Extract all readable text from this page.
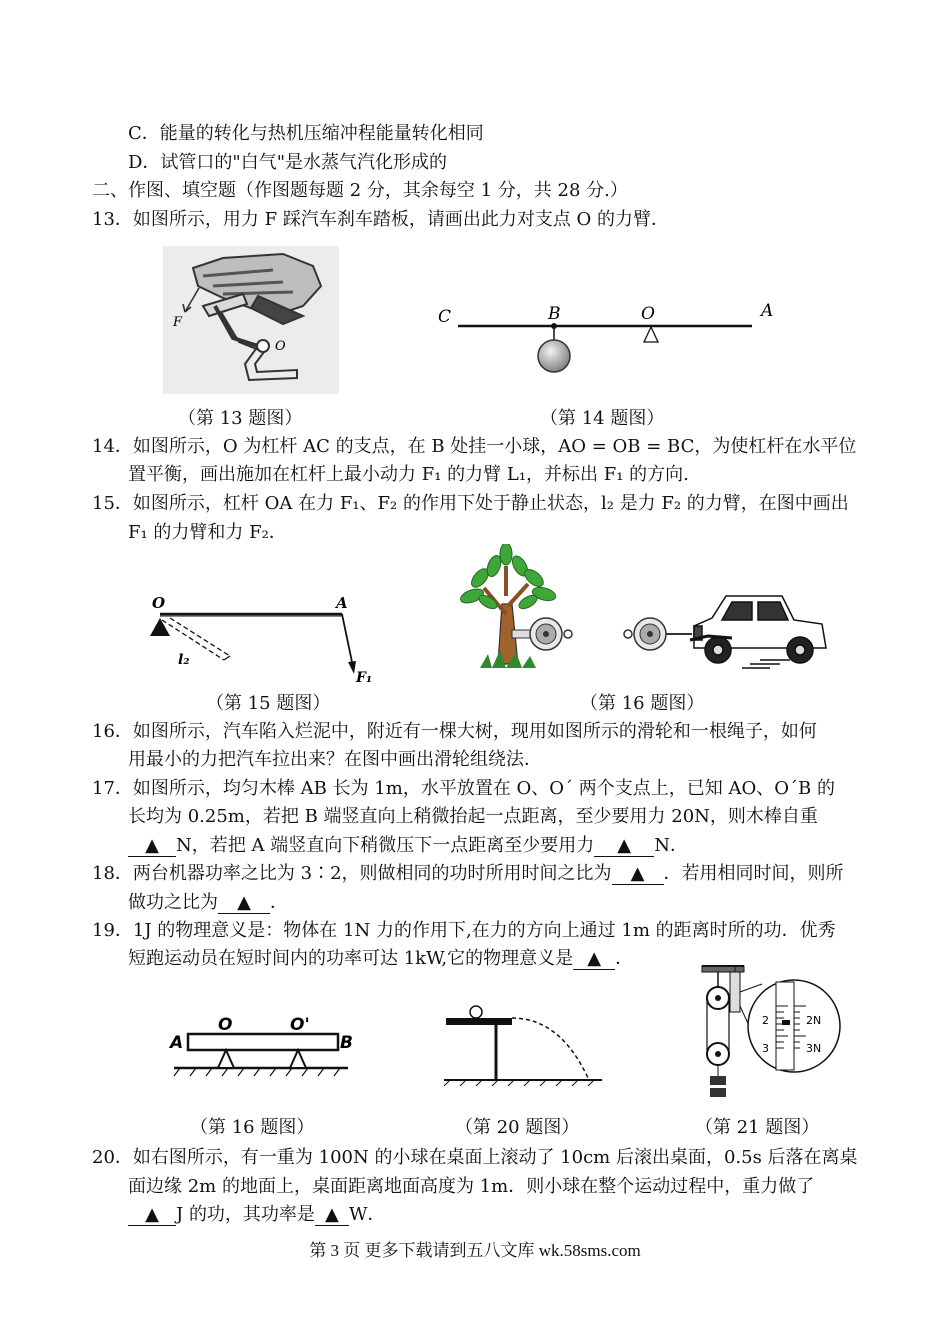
C．能量的转化与热机压缩冲程能量转化相同
D．试管口的"白气"是水蒸气汽化形成的
二、作图、填空题（作图题每题 2 分，其余每空 1 分，共 28 分.）
13．如图所示，用力 F 踩汽车刹车踏板，请画出此力对支点 O 的力臂．
F
O
C	B	O	A
（第 13 题图）	（第 14 题图）
14．如图所示，O 为杠杆 AC 的支点，在 B 处挂一小球，AO = OB = BC，为使杠杆在水平位
置平衡，画出施加在杠杆上最小动力 F₁ 的力臂 L₁，并标出 F₁ 的方向.
15．如图所示，杠杆 OA 在力 F₁、F₂ 的作用下处于静止状态，l₂ 是力 F₂ 的力臂，在图中画出
F₁ 的力臂和力 F₂．
O	A
l₂
F₁
（第 15 题图）	（第 16 题图）
16．如图所示，汽车陷入烂泥中，附近有一棵大树，现用如图所示的滑轮和一根绳子，如何
用最小的力把汽车拉出来？在图中画出滑轮组绕法．
17．如图所示，均匀木棒 AB 长为 1m，水平放置在 O、O´ 两个支点上，已知 AO、O´B 的
长均为 0.25m，若把 B 端竖直向上稍微抬起一点距离，至少要用力 20N，则木棒自重
▲ N，若把 A 端竖直向下稍微压下一点距离至少要用力 ▲ N．
18．两台机器功率之比为 3∶2，则做相同的功时所用时间之比为 ▲ ．若用相同时间，则所
做功之比为 ▲ ．
19．1J 的物理意义是：物体在 1N 力的作用下,在力的方向上通过 1m 的距离时所的功．优秀
短跑运动员在短时间内的功率可达 1kW,它的物理意义是 ▲ ．
A
O	O'
B
2	2N
3	3N
（第 16 题图）	（第 20 题图）	（第 21 题图）
20．如右图所示，有一重为 100N 的小球在桌面上滚动了 10cm 后滚出桌面，0.5s 后落在离桌
面边缘 2m 的地面上，桌面距离地面高度为 1m．则小球在整个运动过程中，重力做了
▲ J 的功，其功率是 ▲ W．
第 3 页 更多下载请到五八文库 wk.58sms.com
